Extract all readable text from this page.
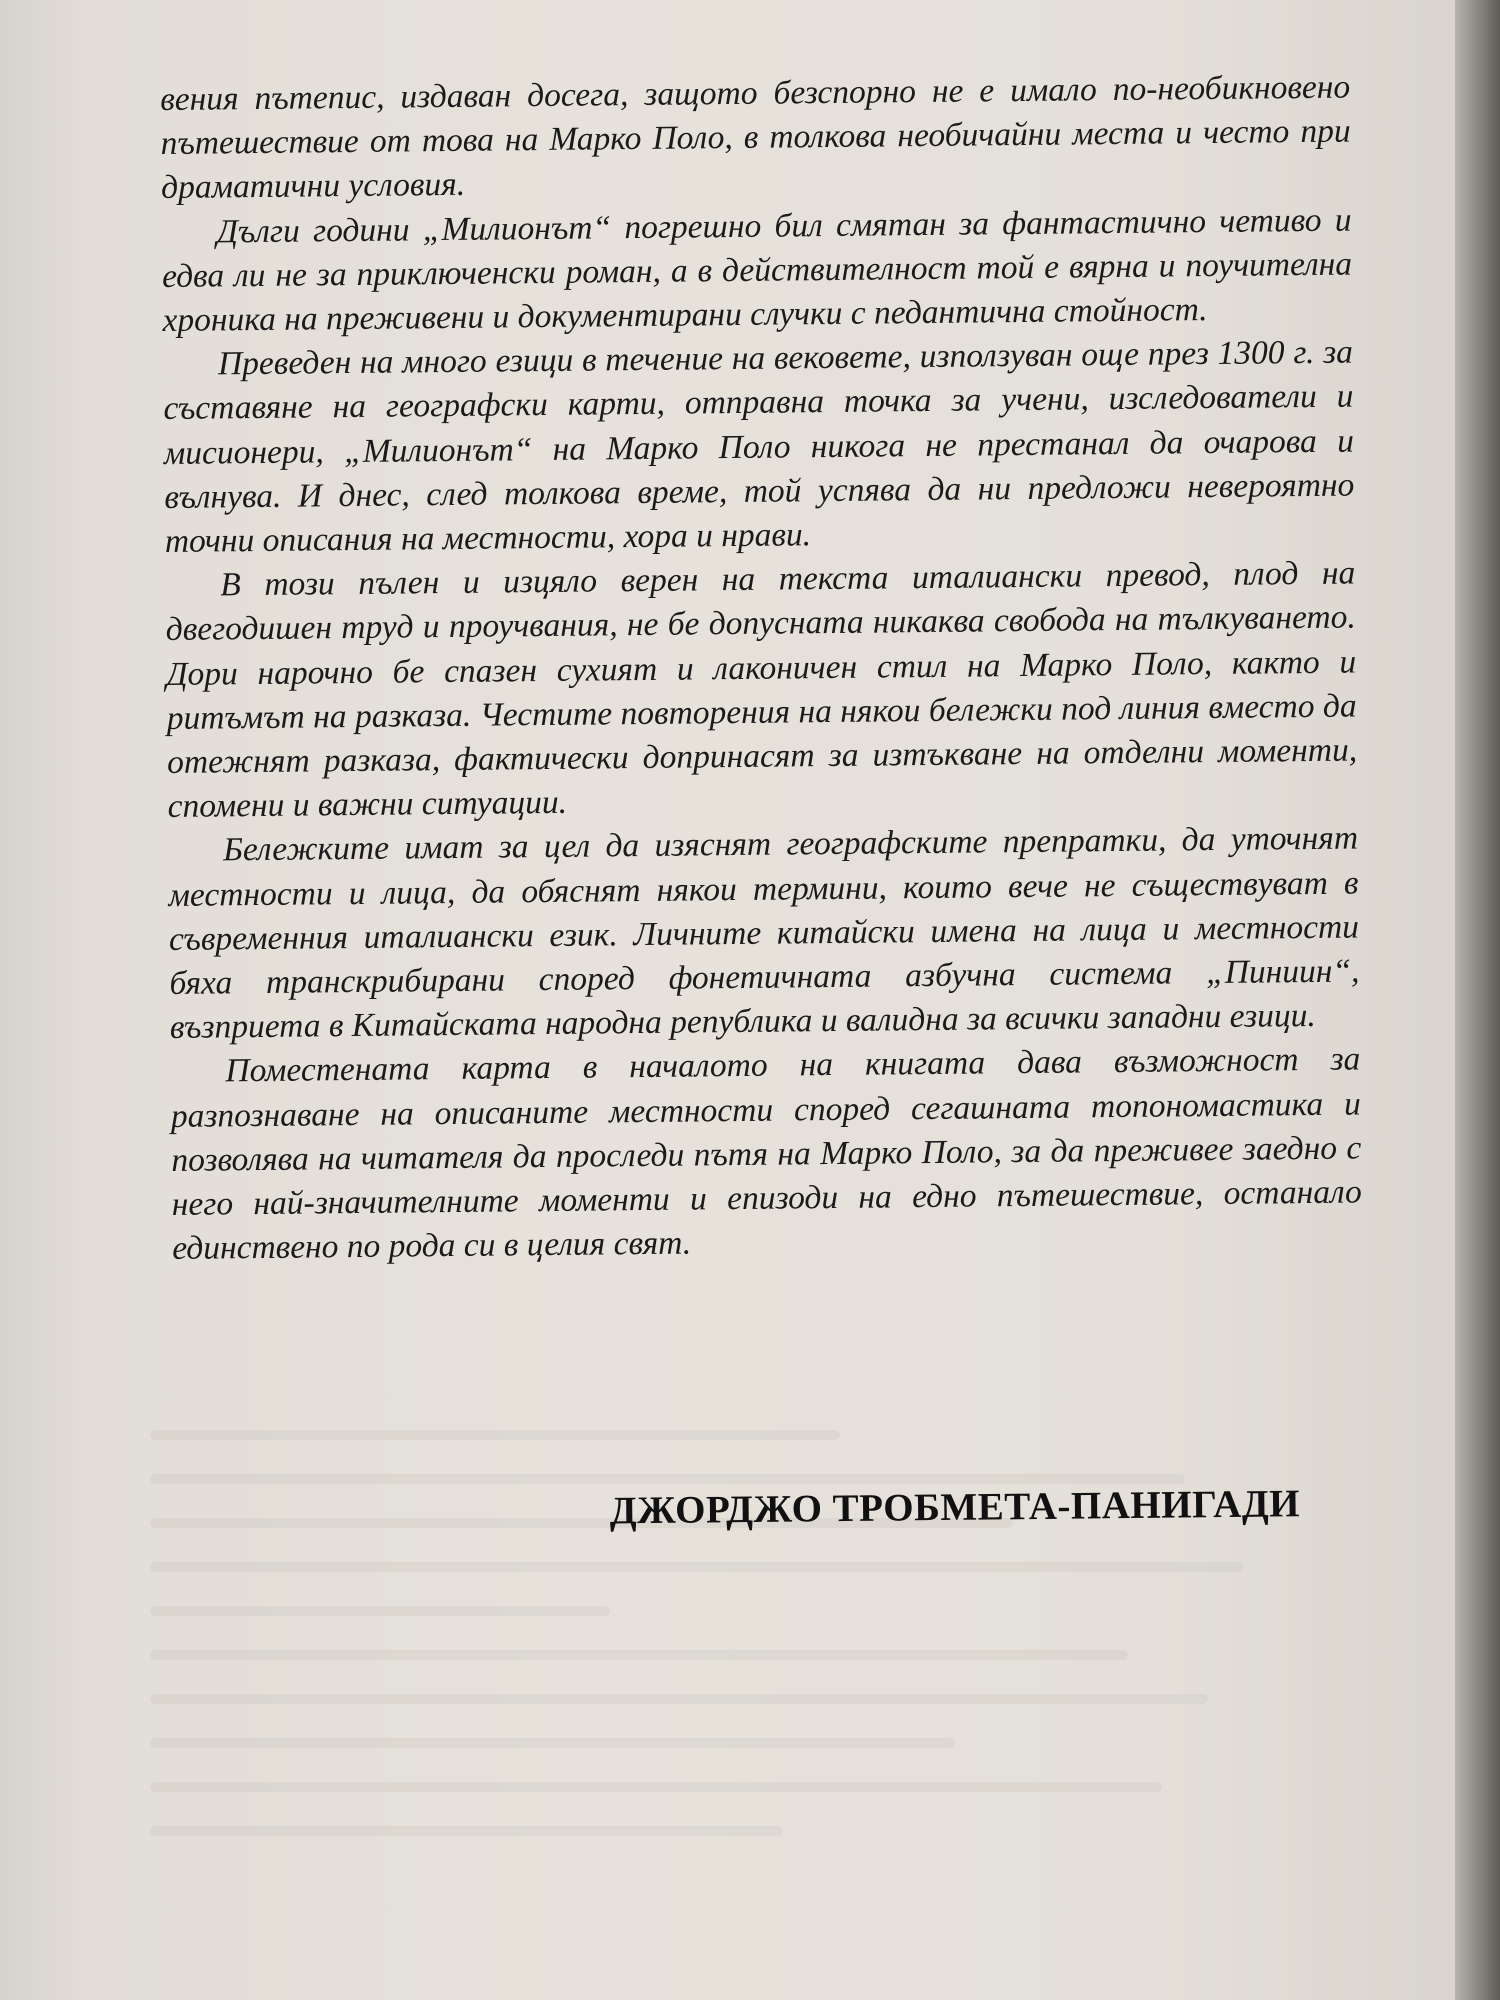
вения пътепис, издаван досега, защото безспорно не е имало по-необикновено пътешествие от това на Марко Поло, в толкова необичайни места и често при драматични условия.

Дълги години „Милионът“ погрешно бил смятан за фантастично четиво и едва ли не за приключенски роман, а в действителност той е вярна и поучителна хроника на преживени и документирани случки с педантична стойност.

Преведен на много езици в течение на вековете, използуван още през 1300 г. за съставяне на географски карти, отправна точка за учени, изследователи и мисионери, „Милионът“ на Марко Поло никога не престанал да очарова и вълнува. И днес, след толкова време, той успява да ни предложи невероятно точни описания на местности, хора и нрави.

В този пълен и изцяло верен на текста италиански превод, плод на двегодишен труд и проучвания, не бе допусната никаква свобода на тълкуването. Дори нарочно бе спазен сухият и лаконичен стил на Марко Поло, както и ритъмът на разказа. Честите повторения на някои бележки под линия вместо да отежнят разказа, фактически допринасят за изтъкване на отделни моменти, спомени и важни ситуации.

Бележките имат за цел да изяснят географските препратки, да уточнят местности и лица, да обяснят някои термини, които вече не съществуват в съвременния италиански език. Личните китайски имена на лица и местности бяха транскрибирани според фонетичната азбучна система „Пиниин“, възприета в Китайската народна република и валидна за всички западни езици.

Поместената карта в началото на книгата дава възможност за разпознаване на описаните местности според сегашната топономастика и позволява на читателя да проследи пътя на Марко Поло, за да преживее заедно с него най-значителните моменти и епизоди на едно пътешествие, останало единствено по рода си в целия свят.

ДЖОРДЖО ТРОБМЕТА-ПАНИГАДИ
